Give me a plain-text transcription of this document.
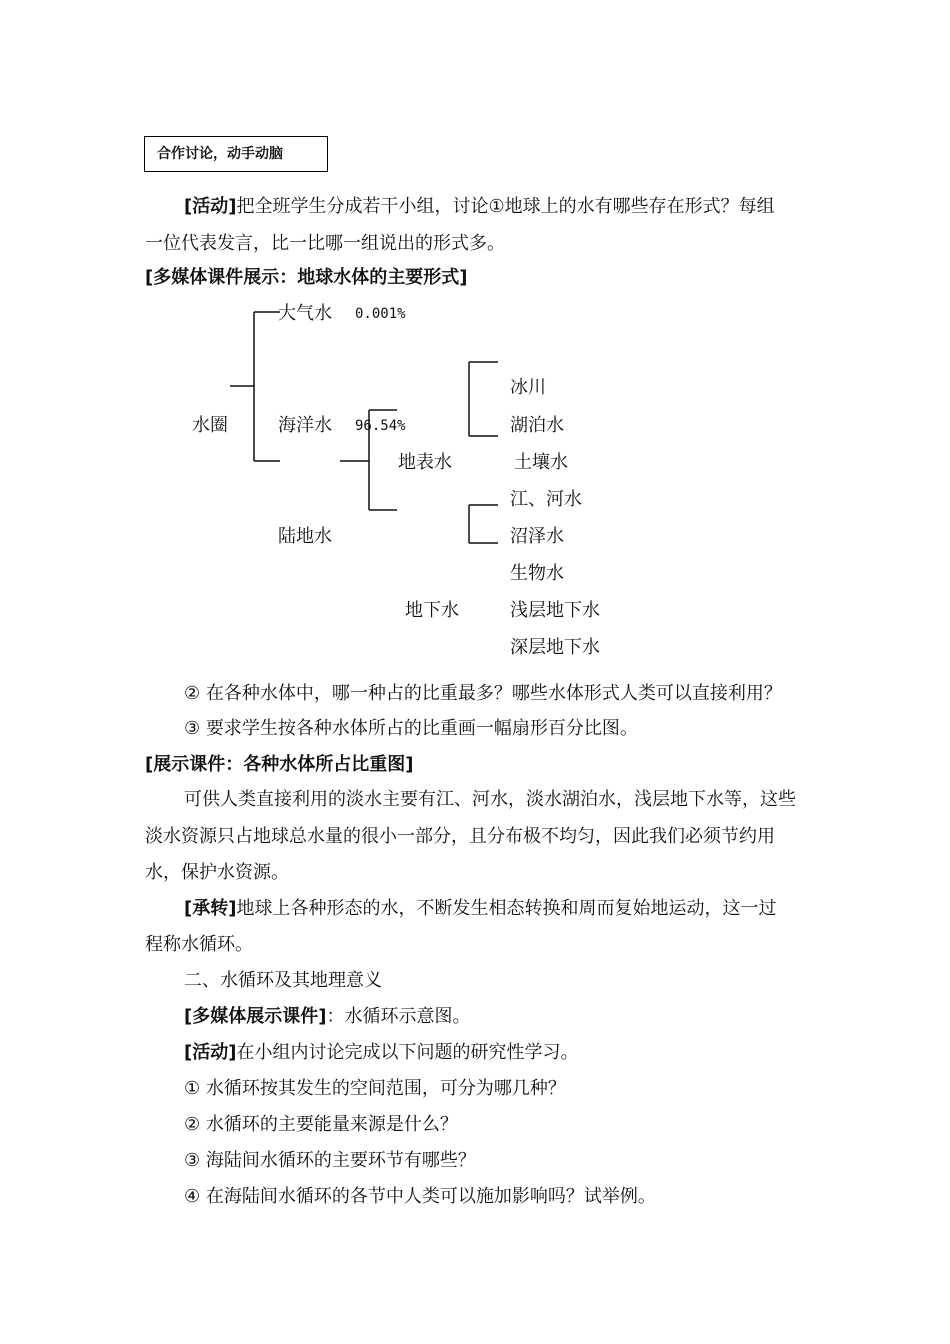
合作讨论，动手动脑
[活动]把全班学生分成若干小组，讨论①地球上的水有哪些存在形式？每组
一位代表发言，比一比哪一组说出的形式多。
[多媒体课件展示：地球水体的主要形式]
水圈
大气水 0.001%
海洋水 96.54%
陆地水
地表水
地下水
冰川
湖泊水
土壤水
江、河水
沼泽水
生物水
浅层地下水
深层地下水
② 在各种水体中，哪一种占的比重最多？哪些水体形式人类可以直接利用？
③ 要求学生按各种水体所占的比重画一幅扇形百分比图。
[展示课件：各种水体所占比重图]
可供人类直接利用的淡水主要有江、河水，淡水湖泊水，浅层地下水等，这些
淡水资源只占地球总水量的很小一部分，且分布极不均匀，因此我们必须节约用
水，保护水资源。
[承转]地球上各种形态的水，不断发生相态转换和周而复始地运动，这一过
程称水循环。
二、水循环及其地理意义
[多媒体展示课件]：水循环示意图。
[活动]在小组内讨论完成以下问题的研究性学习。
① 水循环按其发生的空间范围，可分为哪几种？
② 水循环的主要能量来源是什么？
③ 海陆间水循环的主要环节有哪些？
④ 在海陆间水循环的各节中人类可以施加影响吗？试举例。
